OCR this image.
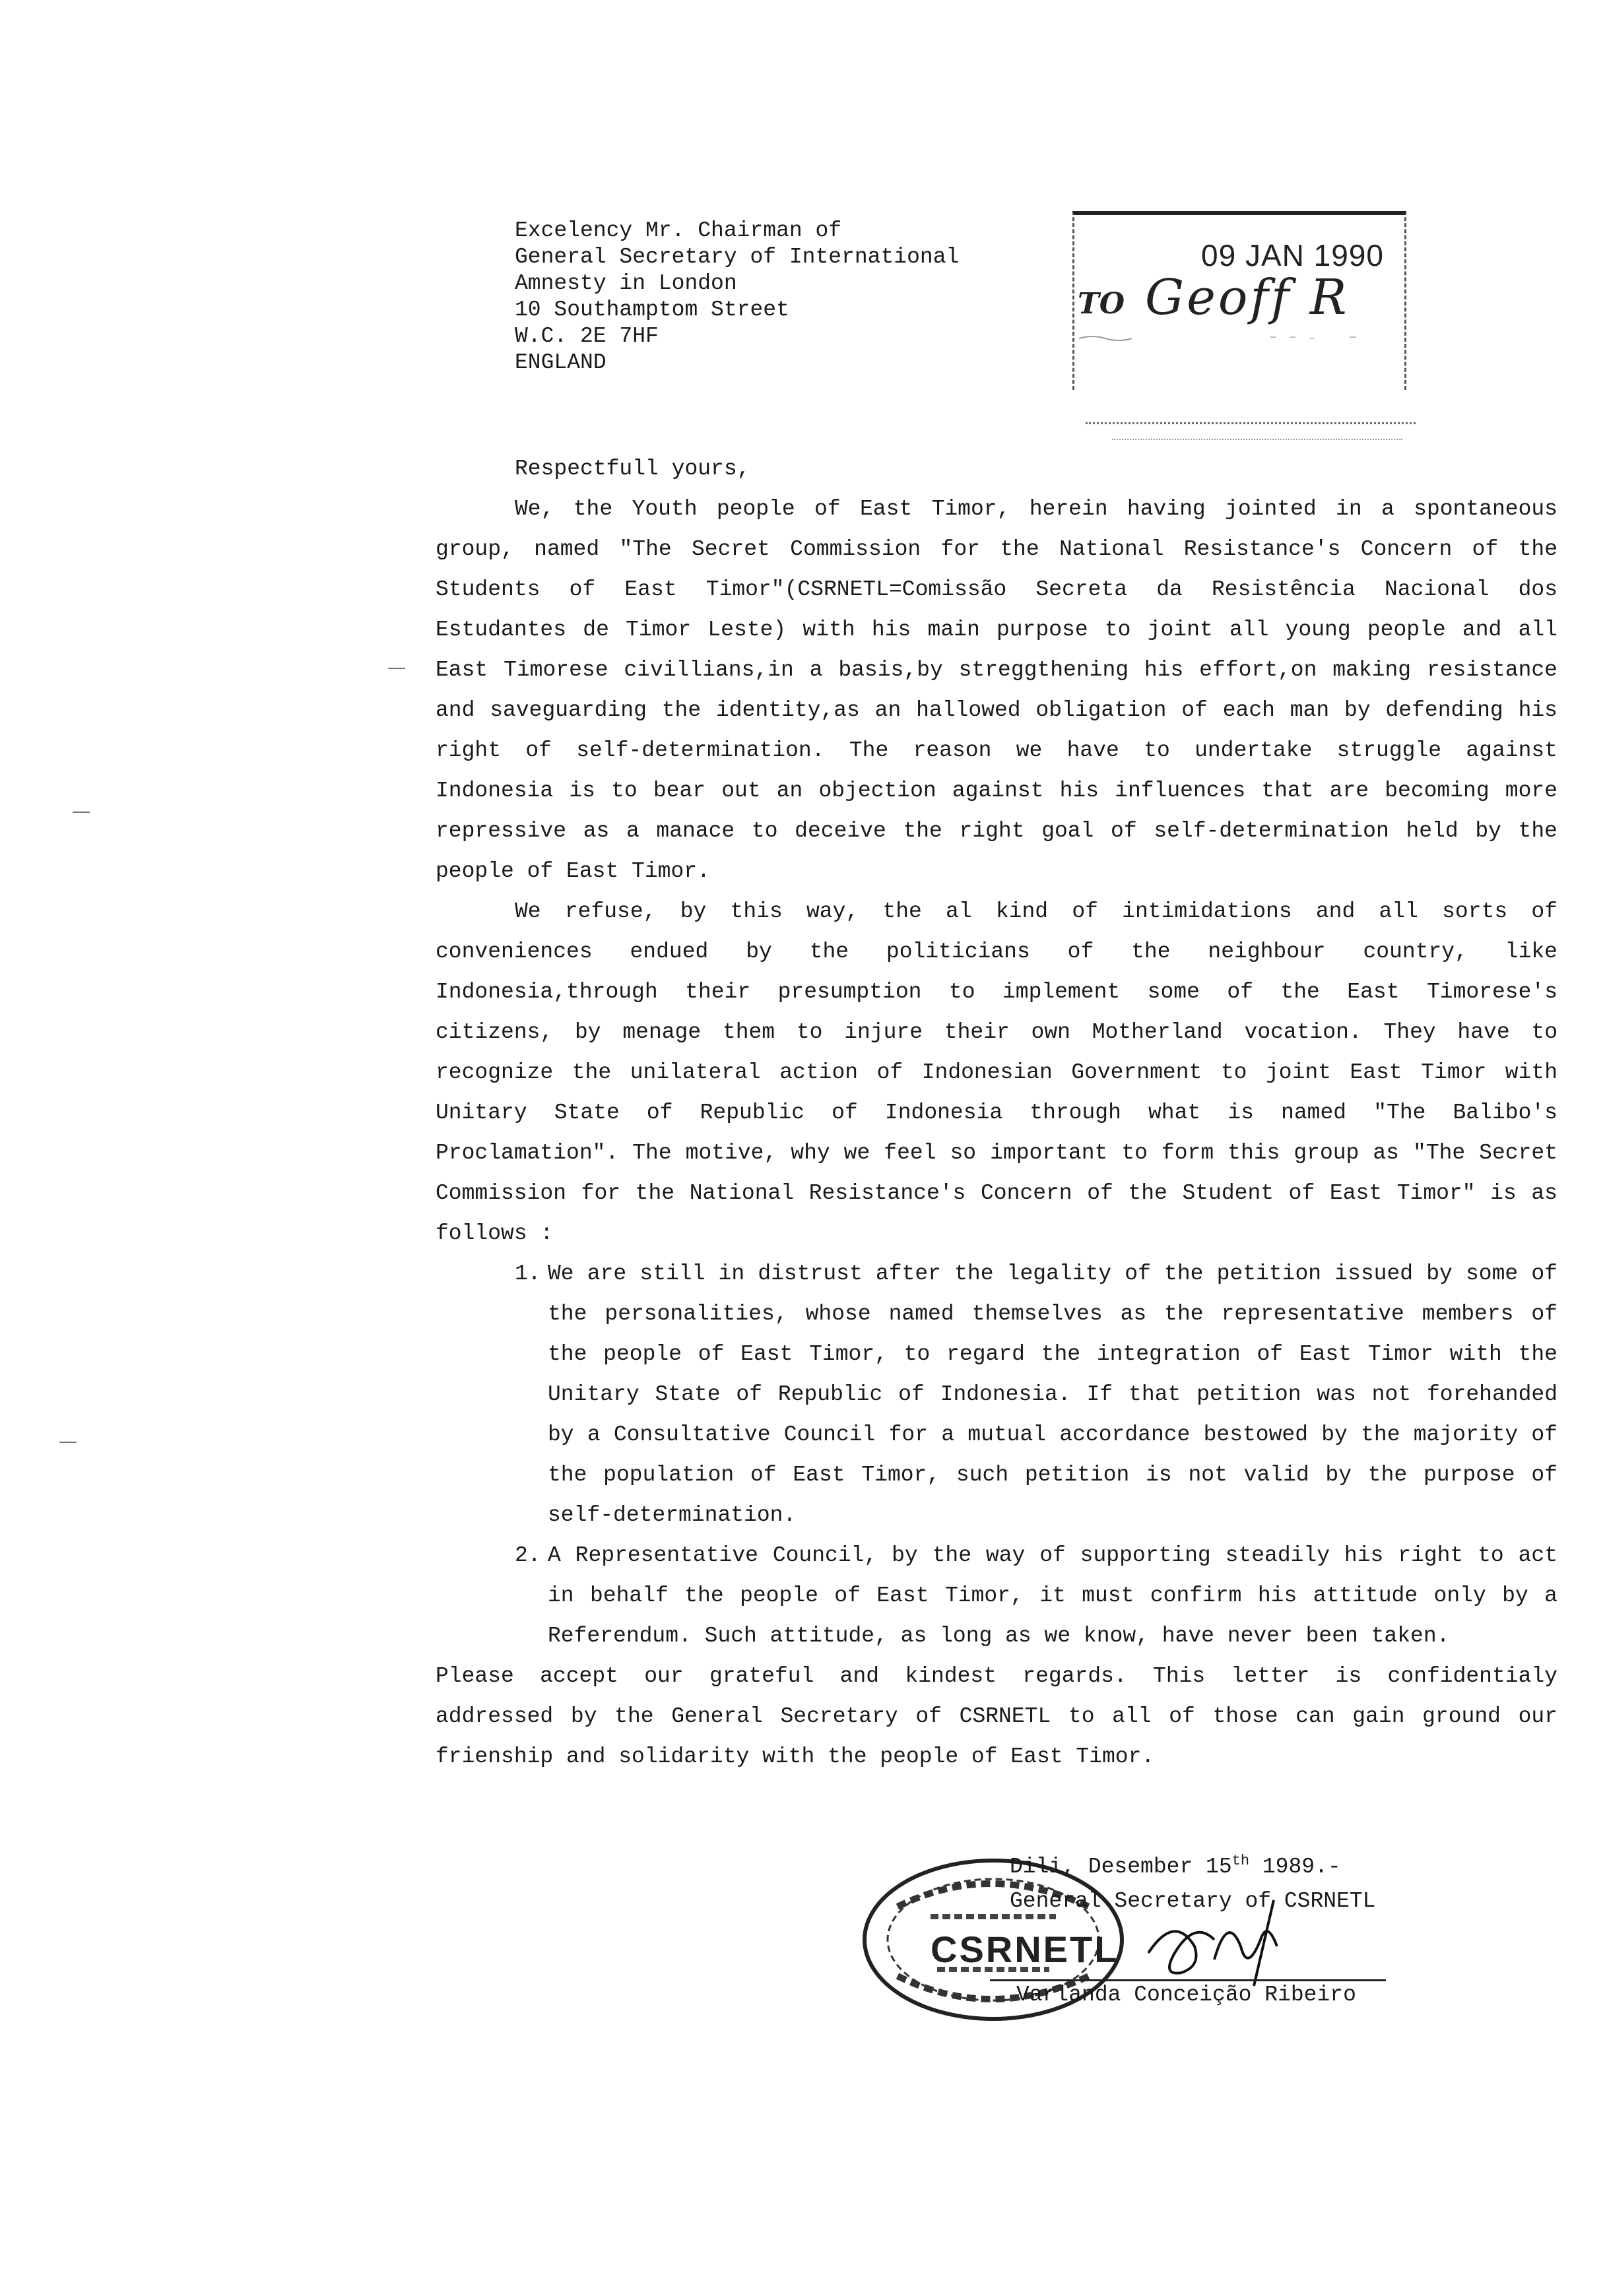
Excelency Mr. Chairman of
General Secretary of International
Amnesty in London
10 Southamptom Street
W.C. 2E 7HF
ENGLAND
09 JAN 1990
TO Geoff R

Respectfull yours,

We, the Youth people of East Timor, herein having jointed in a spontaneous group, named "The Secret Commission for the National Resistance's Concern of the Students of East Timor"(CSRNETL=Comissão Secreta da Resistência Nacional dos Estudantes de Timor Leste) with his main purpose to joint all young people and all East Timorese civillians,in a basis,by streggthening his effort,on making resistance and saveguarding the identity,as an hallowed obligation of each man by defending his right of self-determination. The reason we have to undertake struggle against Indonesia is to bear out an objection against his influences that are becoming more repressive as a manace to deceive the right goal of self-determination held by the people of East Timor.

We refuse, by this way, the al kind of intimidations and all sorts of conveniences endued by the politicians of the neighbour country, like Indonesia,through their presumption to implement some of the East Timorese's citizens, by menage them to injure their own Motherland vocation. They have to recognize the unilateral action of Indonesian Government to joint East Timor with Unitary State of Republic of Indonesia through what is named "The Balibo's Proclamation". The motive, why we feel so important to form this group as "The Secret Commission for the National Resistance's Concern of the Student of East Timor" is as follows :

1. We are still in distrust after the legality of the petition issued by some of the personalities, whose named themselves as the representative members of the people of East Timor, to regard the integration of East Timor with the Unitary State of Republic of Indonesia. If that petition was not forehanded by a Consultative Council for a mutual accordance bestowed by the majority of the population of East Timor, such petition is not valid by the purpose of self-determination.
2. A Representative Council, by the way of supporting steadily his right to act in behalf the people of East Timor, it must confirm his attitude only by a Referendum. Such attitude, as long as we know, have never been taken.

Please accept our grateful and kindest regards. This letter is confidentialy addressed by the General Secretary of CSRNETL to all of those can gain ground our frienship and solidarity with the people of East Timor.

CSRNETL
Dili, Desember 15th 1989.-
General Secretary of CSRNETL
Varlanda Conceição Ribeiro
